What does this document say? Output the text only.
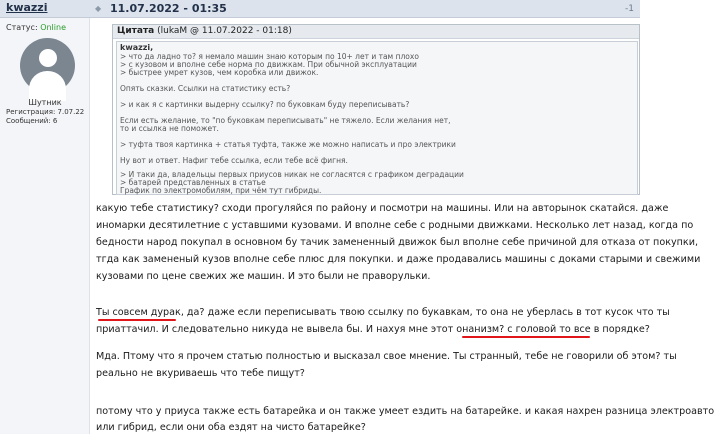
kwazzi	◆ 11.07.2022 - 01:35	-1
Статус: Online
Шутник
Регистрация: 7.07.22
Сообщений: 6
Цитата (lukaM @ 11.07.2022 - 01:18)
kwazzi,
> что да ладно то? я немало машин знаю которым по 10+ лет и там плохо
> с кузовом и вполне себе норма по движкам. При обычной эксплуатации
> быстрее умрет кузов, чем коробка или движок.
Опять сказки. Ссылки на статистику есть?
> и как я с картинки выдерну ссылку? по буковкам буду переписывать?
Если есть желание, то "по буковкам переписывать" не тяжело. Если желания нет,
то и ссылка не поможет.
> туфта твоя картинка + статья туфта, также же можно написать и про электрики
Ну вот и ответ. Нафиг тебе ссылка, если тебе всё фигня.
> И таки да, владельцы первых приусов никак не согласятся с графиком деградации
> батарей представленных в статье
График по электромобилям, при чём тут гибриды.
какую тебе статистику? сходи прогуляйся по району и посмотри на машины. Или на авторынок скатайся. даже
иномарки десятилетние с уставшими кузовами. И вполне себе с родными движками. Несколько лет назад, когда по
бедности народ покупал в основном бу тачик замененный движок был вполне себе причиной для отказа от покупки,
тгда как замененый кузов вполне себе плюс для покупки. и даже продавались машины с доками старыми и свежими
кузовами по цене свежих же машин. И это были не праворульки.
Ты совсем дурак, да? даже если переписывать твою ссылку по букавкам, то она не уберлась в тот кусок что ты
приаттачил. И следовательно никуда не вывела бы. И нахуя мне этот онанизм? с головой то все в порядке?
Мда. Птому что я прочем статью полностью и высказал свое мнение. Ты странный, тебе не говорили об этом? ты
реально не вкуриваешь что тебе пищут?
потому что у приуса также есть батарейка и он также умеет ездить на батарейке. и какая нахрен разница электроавто
или гибрид, если они оба ездят на чисто батарейке?
